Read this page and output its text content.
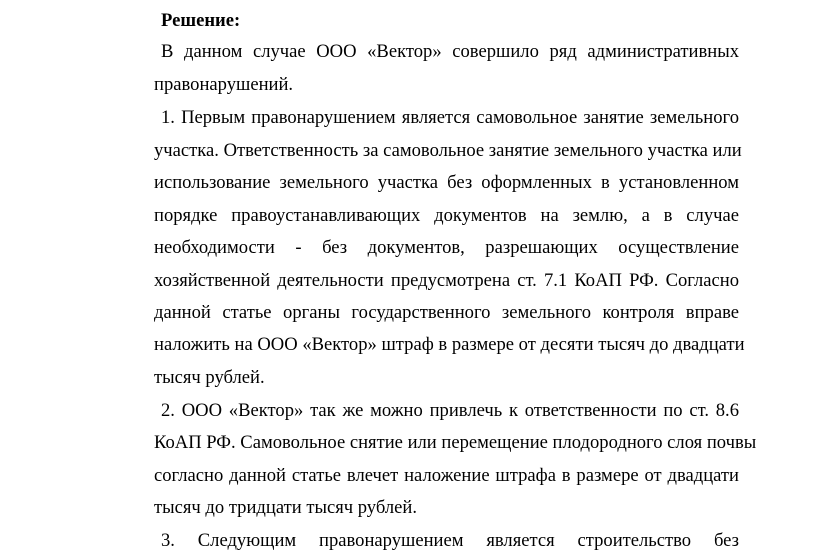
Решение:

В данном случае ООО «Вектор» совершило ряд административных

правонарушений.

1. Первым правонарушением является самовольное занятие земельного

участка. Ответственность за самовольное занятие земельного участка или

использование земельного участка без оформленных в установленном

порядке правоустанавливающих документов на землю, а в случае

необходимости - без документов, разрешающих осуществление

хозяйственной деятельности предусмотрена ст. 7.1 КоАП РФ. Согласно

данной статье органы государственного земельного контроля вправе

наложить на ООО «Вектор» штраф в размере от десяти тысяч до двадцати

тысяч рублей.

2. ООО «Вектор» так же можно привлечь к ответственности по ст. 8.6

КоАП РФ. Самовольное снятие или перемещение плодородного слоя почвы

согласно данной статье влечет наложение штрафа в размере от двадцати

тысяч до тридцати тысяч рублей.

3. Следующим правонарушением является строительство без
